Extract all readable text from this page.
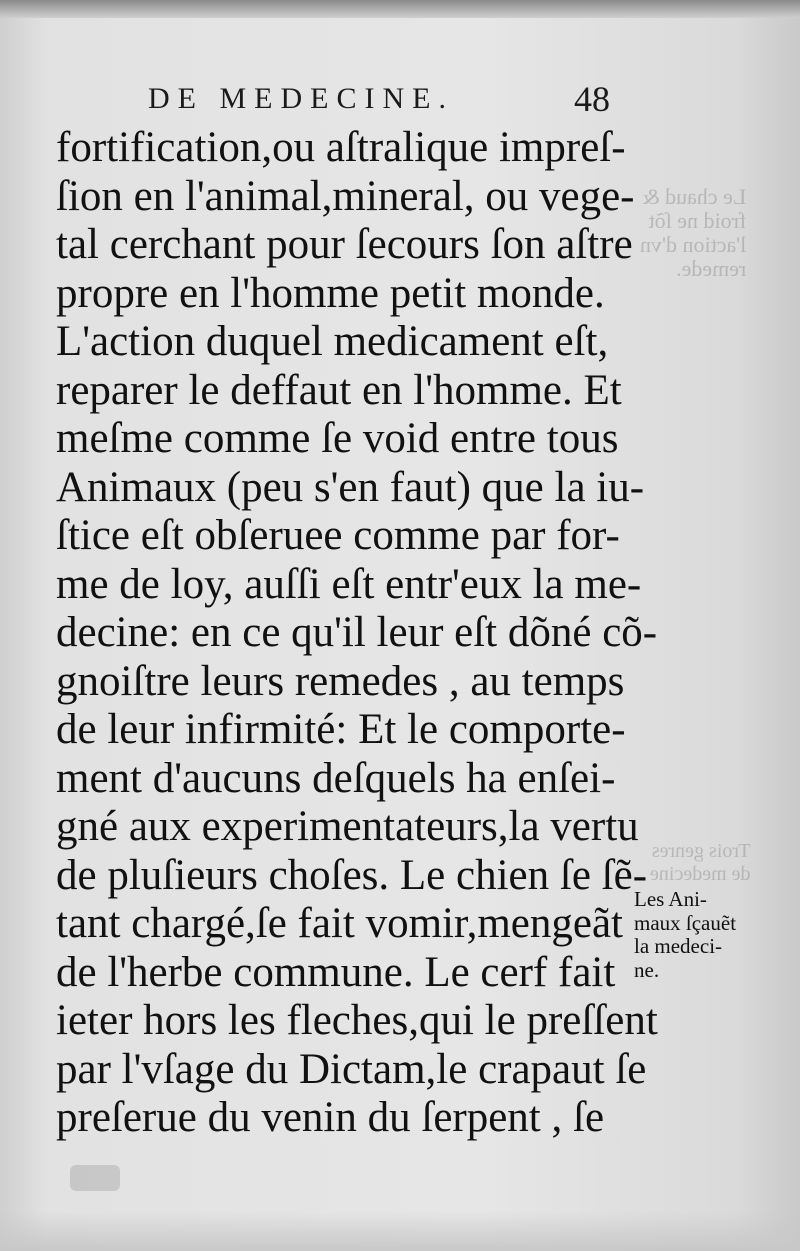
Le chaud &
froid ne ſõt
l'action d'vn
remede.
Trois genres
de medecine
DE MEDECINE.	48
fortification,ou aſtralique impreſ-
ſion en l'animal,mineral, ou vege-
tal cerchant pour ſecours ſon aſtre
propre en l'homme petit monde.
L'action duquel medicament eſt,
reparer le deffaut en l'homme. Et
meſme comme ſe void entre tous
Animaux (peu s'en faut) que la iu-
ſtice eſt obſeruee comme par for-
me de loy, auſſi eſt entr'eux la me-
decine: en ce qu'il leur eſt dõné cõ-
gnoiſtre leurs remedes , au temps
de leur infirmité: Et le comporte-
ment d'aucuns deſquels ha enſei-
gné aux experimentateurs,la vertu
de pluſieurs choſes. Le chien ſe ſẽ-
tant chargé,ſe fait vomir,mengeãt
de l'herbe commune. Le cerf fait
ieter hors les fleches,qui le preſſent
par l'vſage du Dictam,le crapaut ſe
preſerue du venin du ſerpent , ſe
Les Ani-
maux ſçauẽt
la medeci-
ne.
